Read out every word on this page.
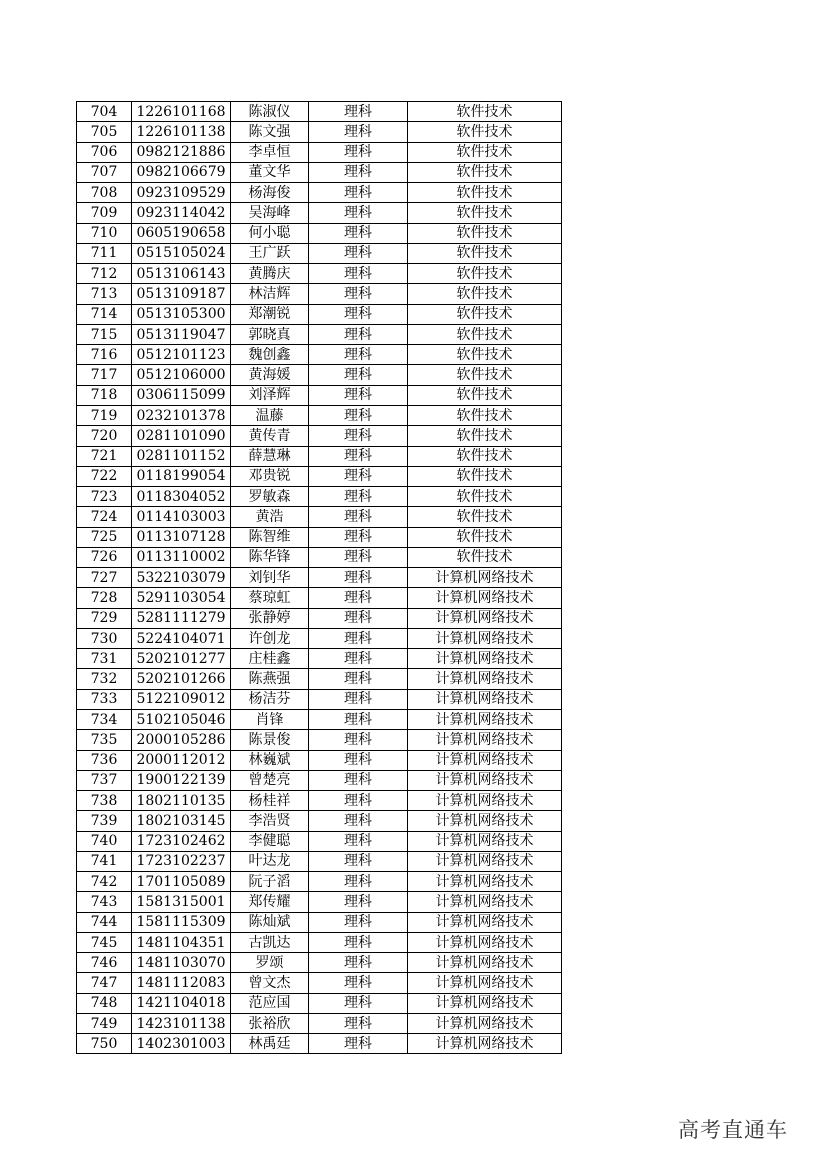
704	1226101168	陈淑仪	理科	软件技术
705	1226101138	陈文强	理科	软件技术
706	0982121886	李卓恒	理科	软件技术
707	0982106679	董文华	理科	软件技术
708	0923109529	杨海俊	理科	软件技术
709	0923114042	吴海峰	理科	软件技术
710	0605190658	何小聪	理科	软件技术
711	0515105024	王广跃	理科	软件技术
712	0513106143	黄腾庆	理科	软件技术
713	0513109187	林洁辉	理科	软件技术
714	0513105300	郑潮锐	理科	软件技术
715	0513119047	郭晓真	理科	软件技术
716	0512101123	魏创鑫	理科	软件技术
717	0512106000	黄海媛	理科	软件技术
718	0306115099	刘泽辉	理科	软件技术
719	0232101378	温藤	理科	软件技术
720	0281101090	黄传青	理科	软件技术
721	0281101152	薛慧琳	理科	软件技术
722	0118199054	邓贵锐	理科	软件技术
723	0118304052	罗敏森	理科	软件技术
724	0114103003	黄浩	理科	软件技术
725	0113107128	陈智维	理科	软件技术
726	0113110002	陈华锋	理科	软件技术
727	5322103079	刘钊华	理科	计算机网络技术
728	5291103054	蔡琼虹	理科	计算机网络技术
729	5281111279	张静婷	理科	计算机网络技术
730	5224104071	许创龙	理科	计算机网络技术
731	5202101277	庄桂鑫	理科	计算机网络技术
732	5202101266	陈燕强	理科	计算机网络技术
733	5122109012	杨洁芬	理科	计算机网络技术
734	5102105046	肖锋	理科	计算机网络技术
735	2000105286	陈景俊	理科	计算机网络技术
736	2000112012	林巍斌	理科	计算机网络技术
737	1900122139	曾楚亮	理科	计算机网络技术
738	1802110135	杨桂祥	理科	计算机网络技术
739	1802103145	李浩贤	理科	计算机网络技术
740	1723102462	李健聪	理科	计算机网络技术
741	1723102237	叶达龙	理科	计算机网络技术
742	1701105089	阮子滔	理科	计算机网络技术
743	1581315001	郑传耀	理科	计算机网络技术
744	1581115309	陈灿斌	理科	计算机网络技术
745	1481104351	古凯达	理科	计算机网络技术
746	1481103070	罗颂	理科	计算机网络技术
747	1481112083	曾文杰	理科	计算机网络技术
748	1421104018	范应国	理科	计算机网络技术
749	1423101138	张裕欣	理科	计算机网络技术
750	1402301003	林禹廷	理科	计算机网络技术
高考直通车
